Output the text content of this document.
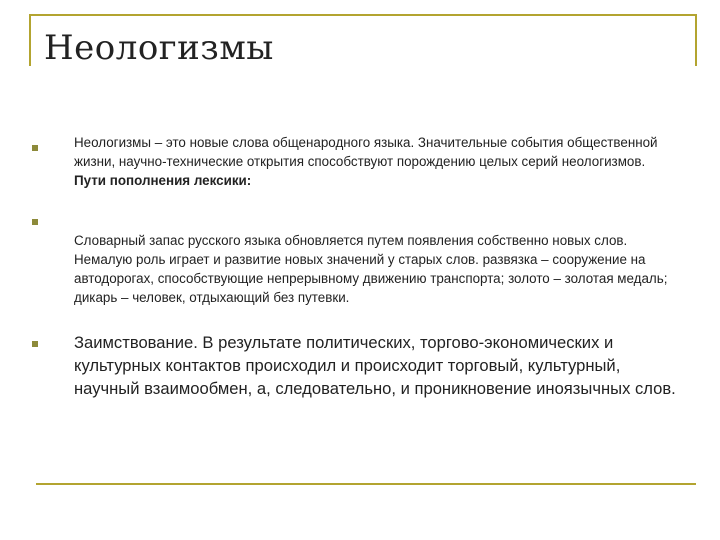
Неологизмы

Неологизмы – это новые слова общенародного языка. Значительные события общественной жизни, научно-технические открытия способствуют порождению целых серий неологизмов.
Пути пополнения лексики:

Словарный запас русского языка обновляется путем появления собственно новых слов. Немалую роль играет и развитие новых значений у старых слов. развязка – сооружение на автодорогах, способствующие непрерывному движению транспорта; золото – золотая медаль; дикарь – человек, отдыхающий без путевки.

Заимствование. В результате политических, торгово-экономических и культурных контактов происходил и происходит торговый, культурный, научный взаимообмен, а, следовательно, и проникновение иноязычных слов.
